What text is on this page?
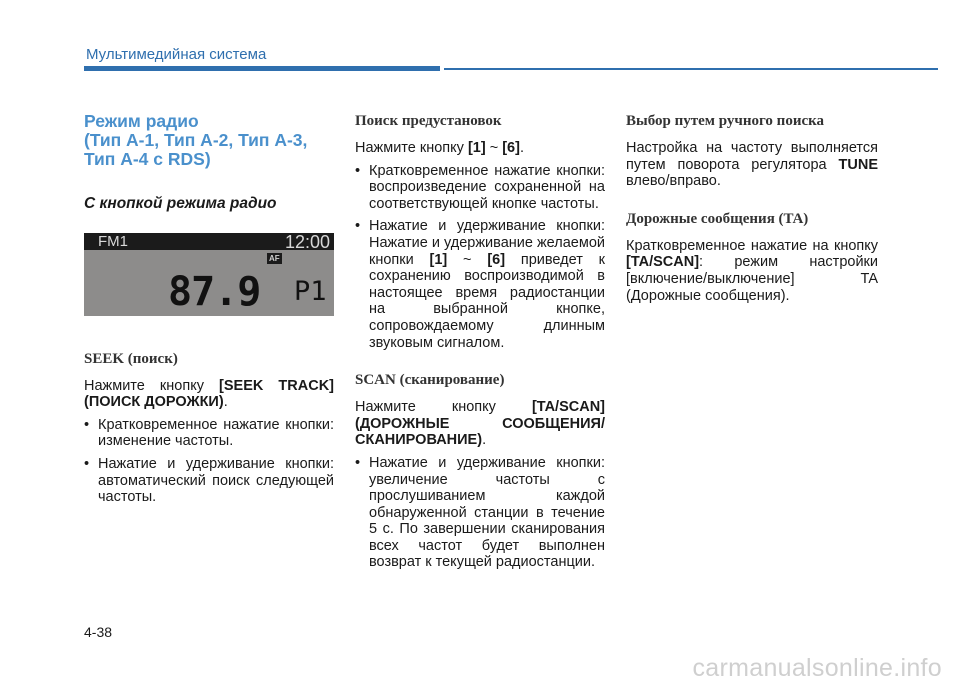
Мультимедийная система
Режим радио
(Тип A-1, Тип A-2, Тип A-3,
Тип A-4 с RDS)
С кнопкой режима радио
FM1	12:00
AF
87.9 P1
SEEK (поиск)
Нажмите кнопку [SEEK TRACK] (ПОИСК ДОРОЖКИ).
• Кратковременное нажатие кнопки: изменение частоты.
• Нажатие и удерживание кнопки: автоматический поиск следующей частоты.
Поиск предустановок
Нажмите кнопку [1] ~ [6].
• Кратковременное нажатие кнопки: воспроизведение сохраненной на соответствующей кнопке частоты.
• Нажатие и удерживание кнопки: Нажатие и удерживание желаемой кнопки [1] ~ [6] приведет к сохранению воспроизводимой в настоящее время радиостанции на выбранной кнопке, сопровождаемому длинным звуковым сигналом.
SCAN (сканирование)
Нажмите кнопку [TA/SCAN] (ДОРОЖНЫЕ СООБЩЕНИЯ/СКАНИРОВАНИЕ).
• Нажатие и удерживание кнопки: увеличение частоты с прослушиванием каждой обнаруженной станции в течение 5 с. По завершении сканирования всех частот будет выполнен возврат к текущей радиостанции.
Выбор путем ручного поиска
Настройка на частоту выполняется путем поворота регулятора TUNE влево/вправо.
Дорожные сообщения (TA)
Кратковременное нажатие на кнопку [TA/SCAN]: режим настройки [включение/выключение] TA (Дорожные сообщения).
4-38
carmanualsonline.info
